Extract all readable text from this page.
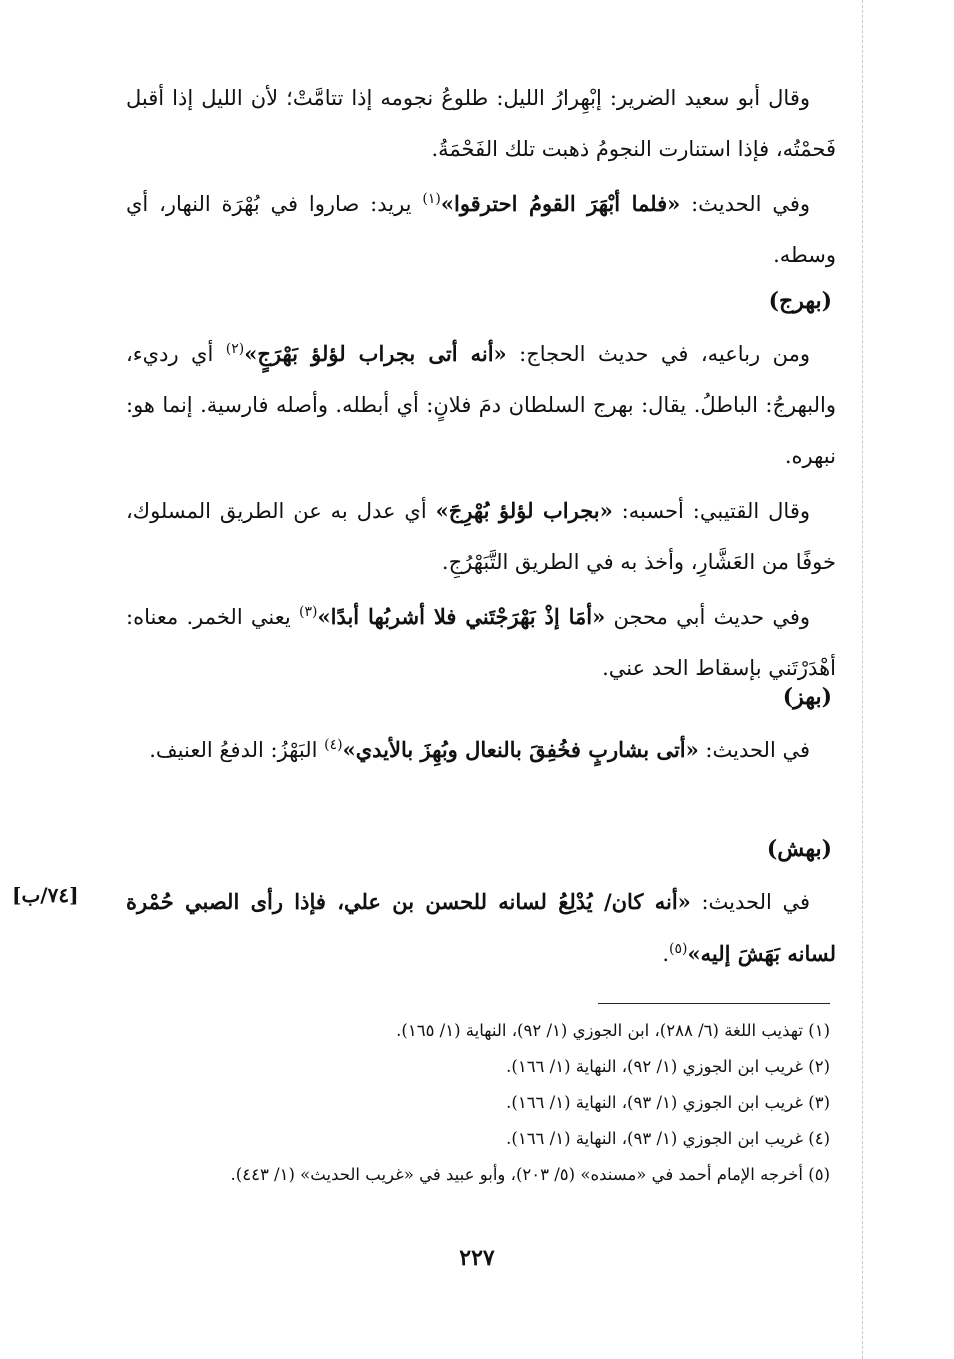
وقال أبو سعيد الضرير: إبْهِرارُ الليل: طلوعُ نجومه إذا تتامَّتْ؛ لأن الليل إذا أقبل فَحمْتُه، فإذا استنارت النجومُ ذهبت تلك الفَحْمَةُ.

وفي الحديث: «فلما أبْهَرَ القومُ احترقوا»$^{(١)}$ يريد: صاروا في بُهْرَة النهار، أي وسطه.

(بهرج)

ومن رباعيه، في حديث الحجاج: «أنه أتى بجراب لؤلؤ بَهْرَجٍ»$^{(٢)}$ أي رديء، والبهرجُ: الباطلُ. يقال: بهرج السلطان دمَ فلانٍ: أي أبطله. وأصله فارسية. إنما هو: نبهره.

وقال القتيبي: أحسبه: «بجراب لؤلؤ بُهْرِجَ» أي عدل به عن الطريق المسلوك، خوفًا من العَشَّارِ، وأخذ به في الطريق التَّبَهْرُجِ.

وفي حديث أبي محجن «أمَا إذْ بَهْرَجْتَني فلا أشربُها أبدًا»$^{(٣)}$ يعني الخمر. معناه: أهْدَرْتَني بإسقاط الحد عني.

(بهز)

في الحديث: «أتى بشاربٍ فخُفِقَ بالنعال وبُهِزَ بالأيدي»$^{(٤)}$ البَهْزُ: الدفعُ العنيف.

(بهش)

في الحديث: «أنه كان/ يُدْلِعُ لسانه للحسن بن علي، فإذا رأى الصبي حُمْرة لسانه بَهَشَ إليه»$^{(٥)}$.

[٧٤/ب]

(١) تهذيب اللغة (٦/ ٢٨٨)، ابن الجوزي (١/ ٩٢)، النهاية (١/ ١٦٥).

(٢) غريب ابن الجوزي (١/ ٩٢)، النهاية (١/ ١٦٦).

(٣) غريب ابن الجوزي (١/ ٩٣)، النهاية (١/ ١٦٦).

(٤) غريب ابن الجوزي (١/ ٩٣)، النهاية (١/ ١٦٦).

(٥) أخرجه الإمام أحمد في «مسنده» (٥/ ٢٠٣)، وأبو عبيد في «غريب الحديث» (١/ ٤٤٣).

٢٢٧
